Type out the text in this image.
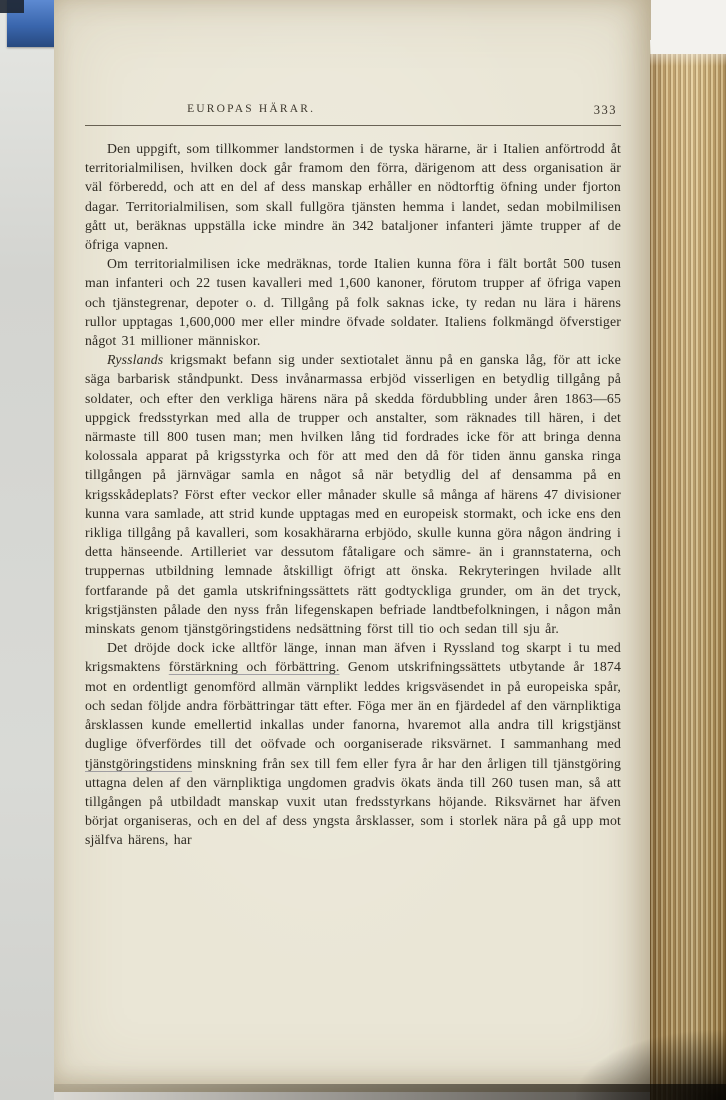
EUROPAS HÄRAR.	333

Den uppgift, som tillkommer landstormen i de tyska härarne, är i Italien anförtrodd åt territorialmilisen, hvilken dock går framom den förra, därigenom att dess organisation är väl förberedd, och att en del af dess manskap erhåller en nödtorftig öfning under fjorton dagar. Territorialmilisen, som skall fullgöra tjänsten hemma i landet, sedan mobilmilisen gått ut, beräknas uppställa icke mindre än 342 bataljoner infanteri jämte trupper af de öfriga vapnen.

Om territorialmilisen icke medräknas, torde Italien kunna föra i fält bortåt 500 tusen man infanteri och 22 tusen kavalleri med 1,600 kanoner, förutom trupper af öfriga vapen och tjänstegrenar, depoter o. d. Tillgång på folk saknas icke, ty redan nu lära i härens rullor upptagas 1,600,000 mer eller mindre öfvade soldater. Italiens folkmängd öfverstiger något 31 millioner människor.

Rysslands krigsmakt befann sig under sextiotalet ännu på en ganska låg, för att icke säga barbarisk ståndpunkt. Dess invånarmassa erbjöd visserligen en betydlig tillgång på soldater, och efter den verkliga härens nära på skedda fördubbling under åren 1863—65 uppgick fredsstyrkan med alla de trupper och anstalter, som räknades till hären, i det närmaste till 800 tusen man; men hvilken lång tid fordrades icke för att bringa denna kolossala apparat på krigsstyrka och för att med den då för tiden ännu ganska ringa tillgången på järnvägar samla en något så när betydlig del af densamma på en krigsskådeplats? Först efter veckor eller månader skulle så många af härens 47 divisioner kunna vara samlade, att strid kunde upptagas med en europeisk stormakt, och icke ens den rikliga tillgång på kavalleri, som kosakhärarna erbjödo, skulle kunna göra någon ändring i detta hänseende. Artilleriet var dessutom fåtaligare och sämre- än i grannstaterna, och truppernas utbildning lemnade åtskilligt öfrigt att önska. Rekryteringen hvilade allt fortfarande på det gamla utskrifningssättets rätt godtyckliga grunder, om än det tryck, krigstjänsten pålade den nyss från lifegenskapen befriade landtbefolkningen, i någon mån minskats genom tjänstgöringstidens nedsättning först till tio och sedan till sju år.

Det dröjde dock icke alltför länge, innan man äfven i Ryssland tog skarpt i tu med krigsmaktens förstärkning och förbättring. Genom utskrifningssättets utbytande år 1874 mot en ordentligt genomförd allmän värnplikt leddes krigsväsendet in på europeiska spår, och sedan följde andra förbättringar tätt efter. Föga mer än en fjärdedel af den värnpliktiga årsklassen kunde emellertid inkallas under fanorna, hvaremot alla andra till krigstjänst duglige öfverfördes till det oöfvade och oorganiserade riksvärnet. I sammanhang med tjänstgöringstidens minskning från sex till fem eller fyra år har den årligen till tjänstgöring uttagna delen af den värnpliktiga ungdomen gradvis ökats ända till 260 tusen man, så att tillgången på utbildadt manskap vuxit utan fredsstyrkans höjande. Riksvärnet har äfven börjat organiseras, och en del af dess yngsta årsklasser, som i storlek nära på gå upp mot själfva härens, har
